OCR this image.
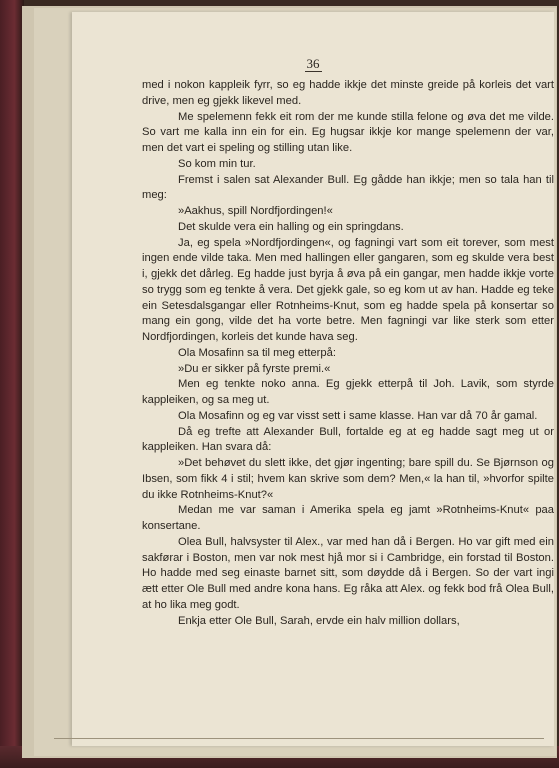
36

med i nokon kappleik fyrr, so eg hadde ikkje det minste greide på korleis det vart drive, men eg gjekk likevel med.

Me spelemenn fekk eit rom der me kunde stilla felone og øva det me vilde. So vart me kalla inn ein for ein. Eg hugsar ikkje kor mange spelemenn der var, men det vart ei speling og stilling utan like.

So kom min tur.

Fremst i salen sat Alexander Bull. Eg gådde han ikkje; men so tala han til meg:

»Aakhus, spill Nordfjordingen!«

Det skulde vera ein halling og ein springdans.

Ja, eg spela »Nordfjordingen«, og fagningi vart som eit torever, som mest ingen ende vilde taka. Men med hallingen eller gangaren, som eg skulde vera best i, gjekk det dårleg. Eg hadde just byrja å øva på ein gangar, men hadde ikkje vorte so trygg som eg tenkte å vera. Det gjekk gale, so eg kom ut av han. Hadde eg teke ein Setesdalsgangar eller Rotnheims-Knut, som eg hadde spela på konsertar so mang ein gong, vilde det ha vorte betre. Men fagningi var like sterk som etter Nordfjordingen, korleis det kunde hava seg.

Ola Mosafinn sa til meg etterpå:

»Du er sikker på fyrste premi.«

Men eg tenkte noko anna. Eg gjekk etterpå til Joh. Lavik, som styrde kappleiken, og sa meg ut.

Ola Mosafinn og eg var visst sett i same klasse. Han var då 70 år gamal.

Då eg trefte att Alexander Bull, fortalde eg at eg hadde sagt meg ut or kappleiken. Han svara då:

»Det behøvet du slett ikke, det gjør ingenting; bare spill du. Se Bjørnson og Ibsen, som fikk 4 i stil; hvem kan skrive som dem? Men,« la han til, »hvorfor spilte du ikke Rotnheims-Knut?«

Medan me var saman i Amerika spela eg jamt »Rotnheims-Knut« paa konsertane.

Olea Bull, halvsyster til Alex., var med han då i Bergen. Ho var gift med ein sakførar i Boston, men var nok mest hjå mor si i Cambridge, ein forstad til Boston. Ho hadde med seg einaste barnet sitt, som døydde då i Bergen. So der vart ingi ætt etter Ole Bull med andre kona hans. Eg råka att Alex. og fekk bod frå Olea Bull, at ho lika meg godt.

Enkja etter Ole Bull, Sarah, ervde ein halv million dollars,
